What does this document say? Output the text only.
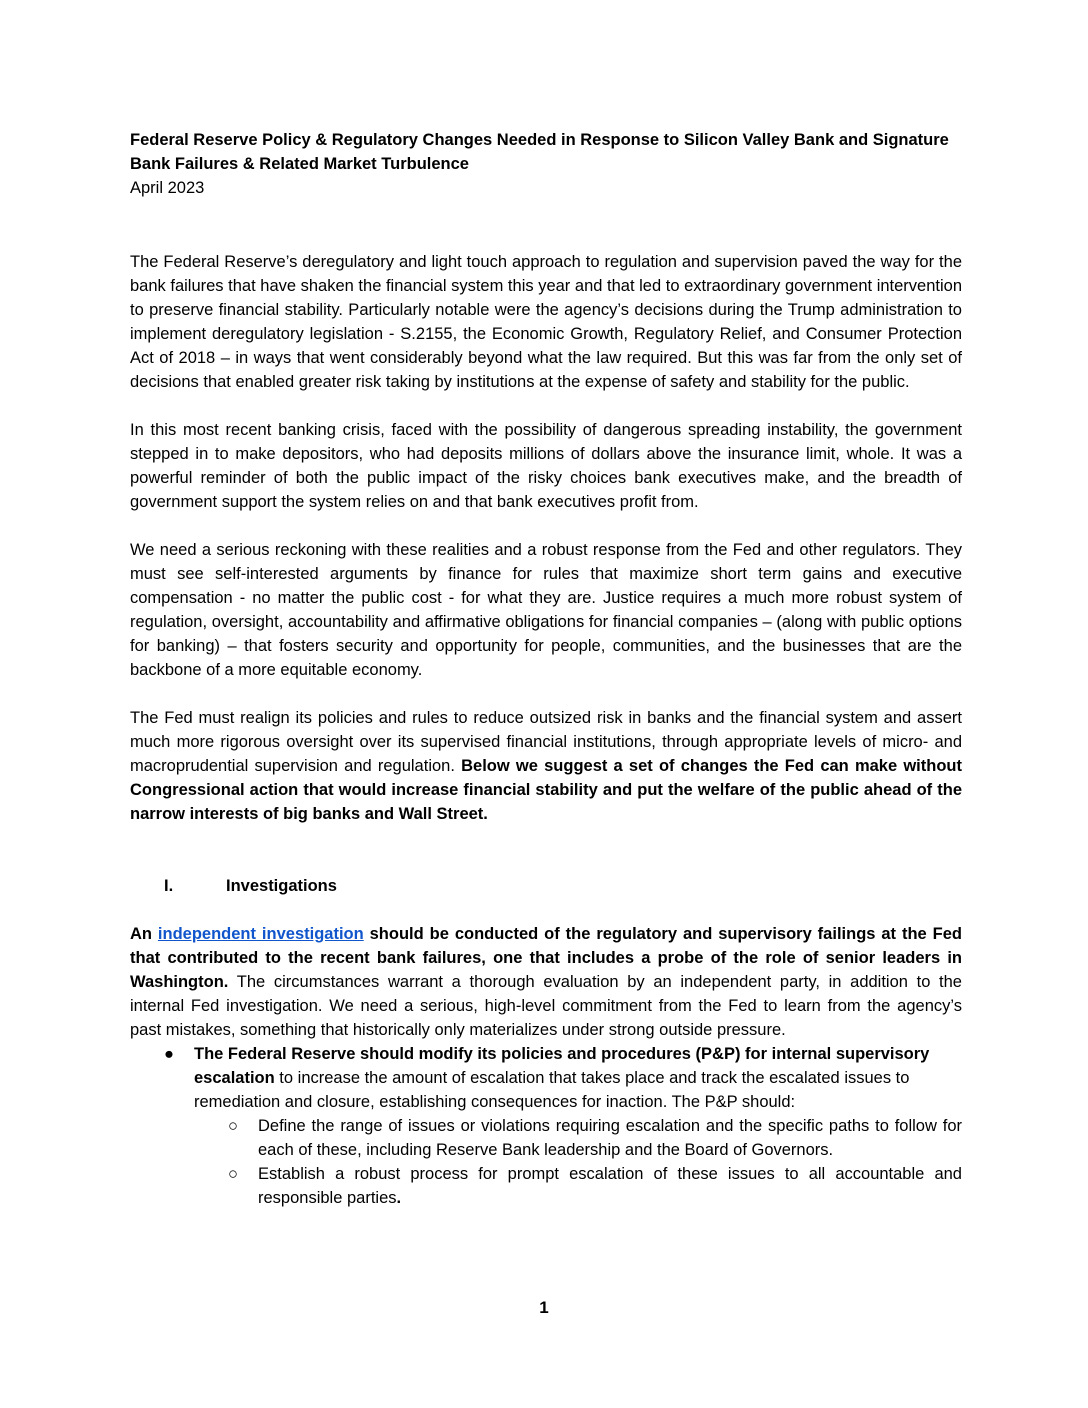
Federal Reserve Policy & Regulatory Changes Needed in Response to Silicon Valley Bank and Signature Bank Failures & Related Market Turbulence

April 2023

The Federal Reserve’s deregulatory and light touch approach to regulation and supervision paved the way for the bank failures that have shaken the financial system this year and that led to extraordinary government intervention to preserve financial stability. Particularly notable were the agency’s decisions during the Trump administration to implement deregulatory legislation - S.2155, the Economic Growth, Regulatory Relief, and Consumer Protection Act of 2018 – in ways that went considerably beyond what the law required. But this was far from the only set of decisions that enabled greater risk taking by institutions at the expense of safety and stability for the public.

In this most recent banking crisis, faced with the possibility of dangerous spreading instability, the government stepped in to make depositors, who had deposits millions of dollars above the insurance limit, whole. It was a powerful reminder of both the public impact of the risky choices bank executives make, and the breadth of government support the system relies on and that bank executives profit from.

We need a serious reckoning with these realities and a robust response from the Fed and other regulators. They must see self-interested arguments by finance for rules that maximize short term gains and executive compensation - no matter the public cost - for what they are. Justice requires a much more robust system of regulation, oversight, accountability and affirmative obligations for financial companies – (along with public options for banking) – that fosters security and opportunity for people, communities, and the businesses that are the backbone of a more equitable economy.

The Fed must realign its policies and rules to reduce outsized risk in banks and the financial system and assert much more rigorous oversight over its supervised financial institutions, through appropriate levels of micro- and macroprudential supervision and regulation. Below we suggest a set of changes the Fed can make without Congressional action that would increase financial stability and put the welfare of the public ahead of the narrow interests of big banks and Wall Street.

I.	Investigations

An independent investigation should be conducted of the regulatory and supervisory failings at the Fed that contributed to the recent bank failures, one that includes a probe of the role of senior leaders in Washington. The circumstances warrant a thorough evaluation by an independent party, in addition to the internal Fed investigation. We need a serious, high-level commitment from the Fed to learn from the agency’s past mistakes, something that historically only materializes under strong outside pressure.

● The Federal Reserve should modify its policies and procedures (P&P) for internal supervisory escalation to increase the amount of escalation that takes place and track the escalated issues to remediation and closure, establishing consequences for inaction. The P&P should:
○ Define the range of issues or violations requiring escalation and the specific paths to follow for each of these, including Reserve Bank leadership and the Board of Governors.
○ Establish a robust process for prompt escalation of these issues to all accountable and responsible parties.
1
